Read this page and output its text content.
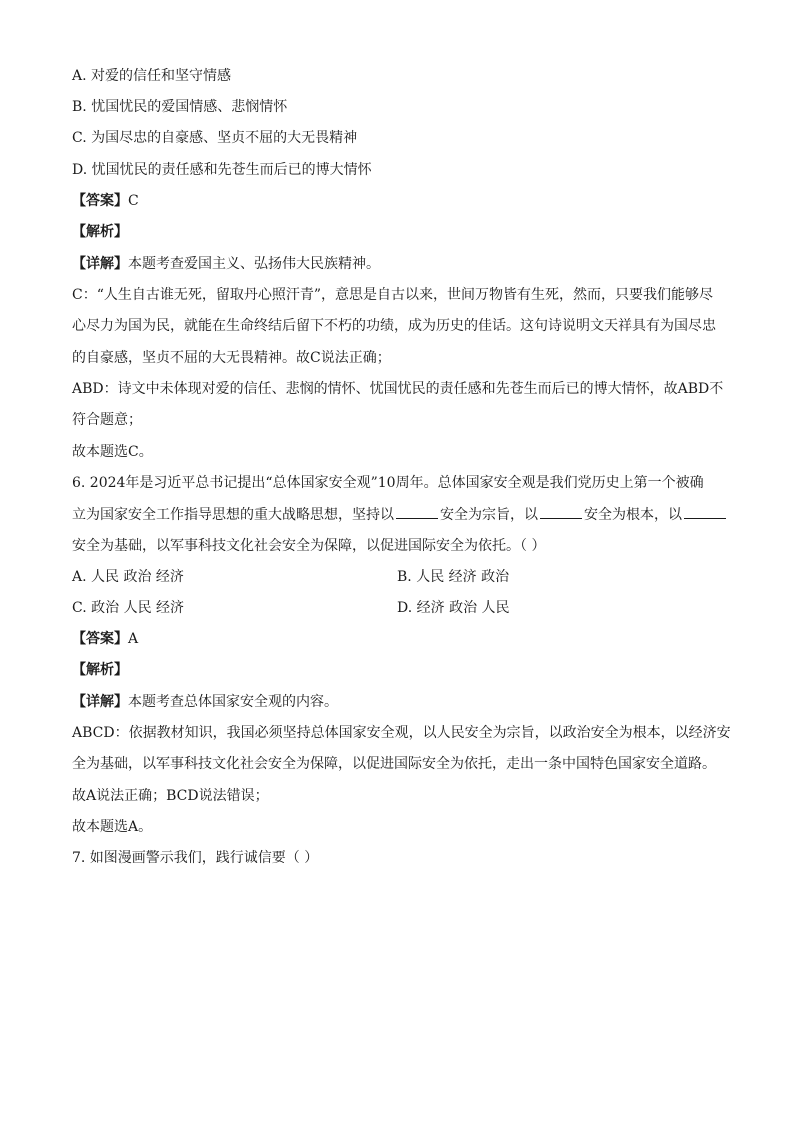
A. 对爱的信任和坚守情感
B. 忧国忧民的爱国情感、悲悯情怀
C. 为国尽忠的自豪感、坚贞不屈的大无畏精神
D. 忧国忧民的责任感和先苍生而后已的博大情怀
【答案】C
【解析】
【详解】本题考查爱国主义、弘扬伟大民族精神。
C：“人生自古谁无死，留取丹心照汗青”，意思是自古以来，世间万物皆有生死，然而，只要我们能够尽
心尽力为国为民，就能在生命终结后留下不朽的功绩，成为历史的佳话。这句诗说明文天祥具有为国尽忠
的自豪感，坚贞不屈的大无畏精神。故C说法正确；
ABD：诗文中未体现对爱的信任、悲悯的情怀、忧国忧民的责任感和先苍生而后已的博大情怀，故ABD不
符合题意；
故本题选C。
6. 2024年是习近平总书记提出“总体国家安全观”10周年。总体国家安全观是我们党历史上第一个被确
立为国家安全工作指导思想的重大战略思想，坚持以	安全为宗旨，以	安全为根本，以
安全为基础，以军事科技文化社会安全为保障，以促进国际安全为依托。（ ）
A. 人民 政治 经济	B. 人民 经济 政治
C. 政治 人民 经济	D. 经济 政治 人民
【答案】A
【解析】
【详解】本题考查总体国家安全观的内容。
ABCD：依据教材知识，我国必须坚持总体国家安全观，以人民安全为宗旨，以政治安全为根本，以经济安
全为基础，以军事科技文化社会安全为保障，以促进国际安全为依托，走出一条中国特色国家安全道路。
故A说法正确；BCD说法错误；
故本题选A。
7. 如图漫画警示我们，践行诚信要（ ）
